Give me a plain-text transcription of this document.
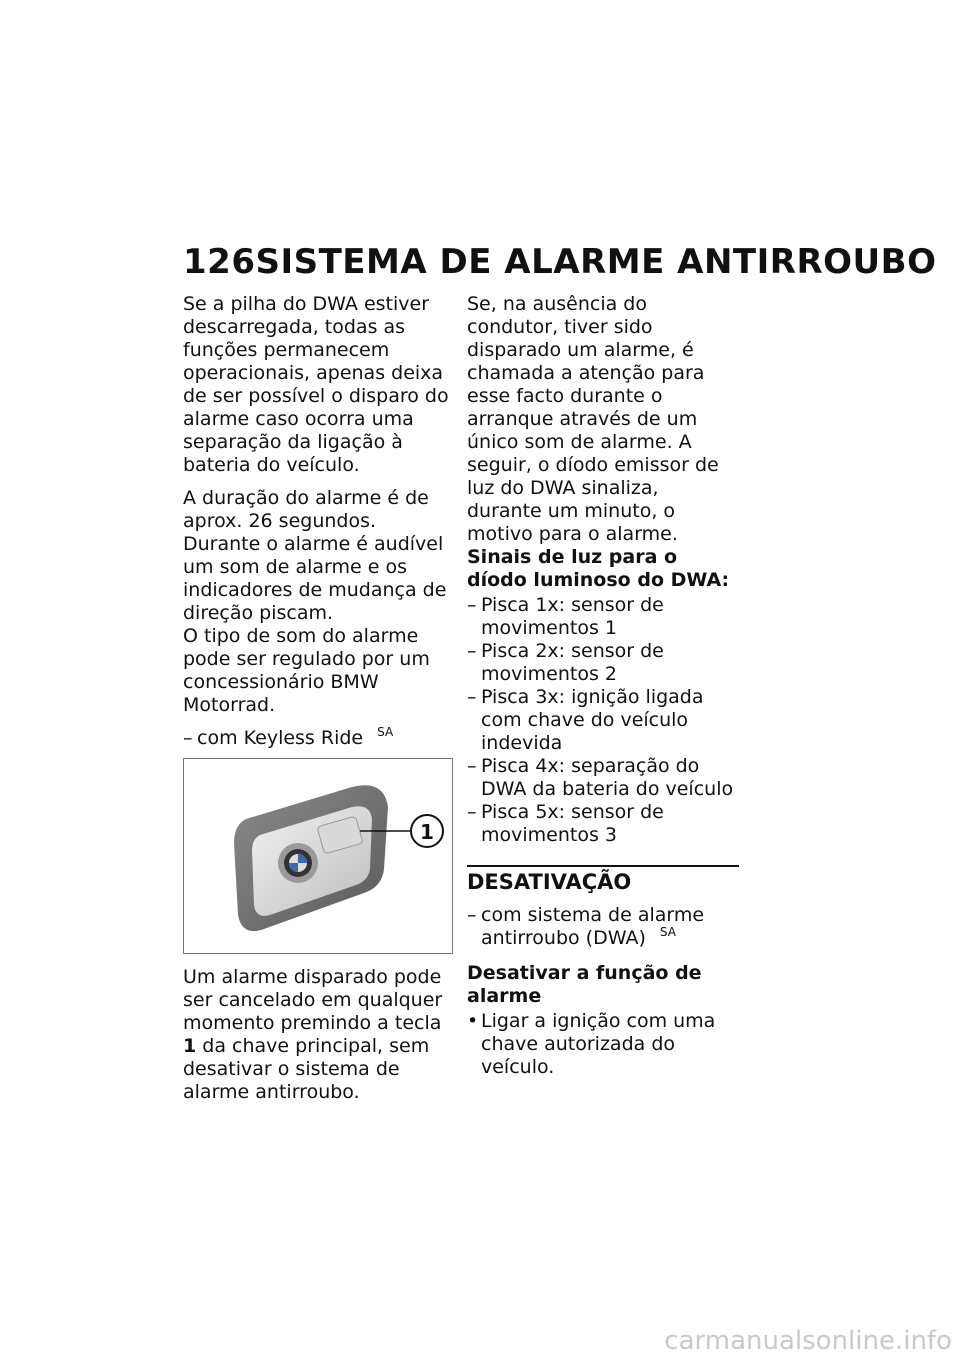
126 SISTEMA DE ALARME ANTIRROUBO

Se a pilha do DWA estiver descarregada, todas as funções permanecem operacionais, apenas deixa de ser possível o disparo do alarme caso ocorra uma separação da ligação à bateria do veículo.

A duração do alarme é de aprox. 26 segundos. Durante o alarme é audível um som de alarme e os indicadores de mudança de direção piscam.

O tipo de som do alarme pode ser regulado por um concessionário BMW Motorrad.

– com Keyless Ride $^{SA}$
1

Um alarme disparado pode ser cancelado em qualquer momento premindo a tecla 1 da chave principal, sem desativar o sistema de alarme antirroubo.

Se, na ausência do condutor, tiver sido disparado um alarme, é chamada a atenção para esse facto durante o arranque através de um único som de alarme. A seguir, o díodo emissor de luz do DWA sinaliza, durante um minuto, o motivo para o alarme.

Sinais de luz para o díodo luminoso do DWA:
– Pisca 1x: sensor de movimentos 1
– Pisca 2x: sensor de movimentos 2
– Pisca 3x: ignição ligada com chave do veículo indevida
– Pisca 4x: separação do DWA da bateria do veículo
– Pisca 5x: sensor de movimentos 3
DESATIVAÇÃO
– com sistema de alarme antirroubo (DWA) $^{SA}$
Desativar a função de alarme
• Ligar a ignição com uma chave autorizada do veículo.
carmanualsonline.info
